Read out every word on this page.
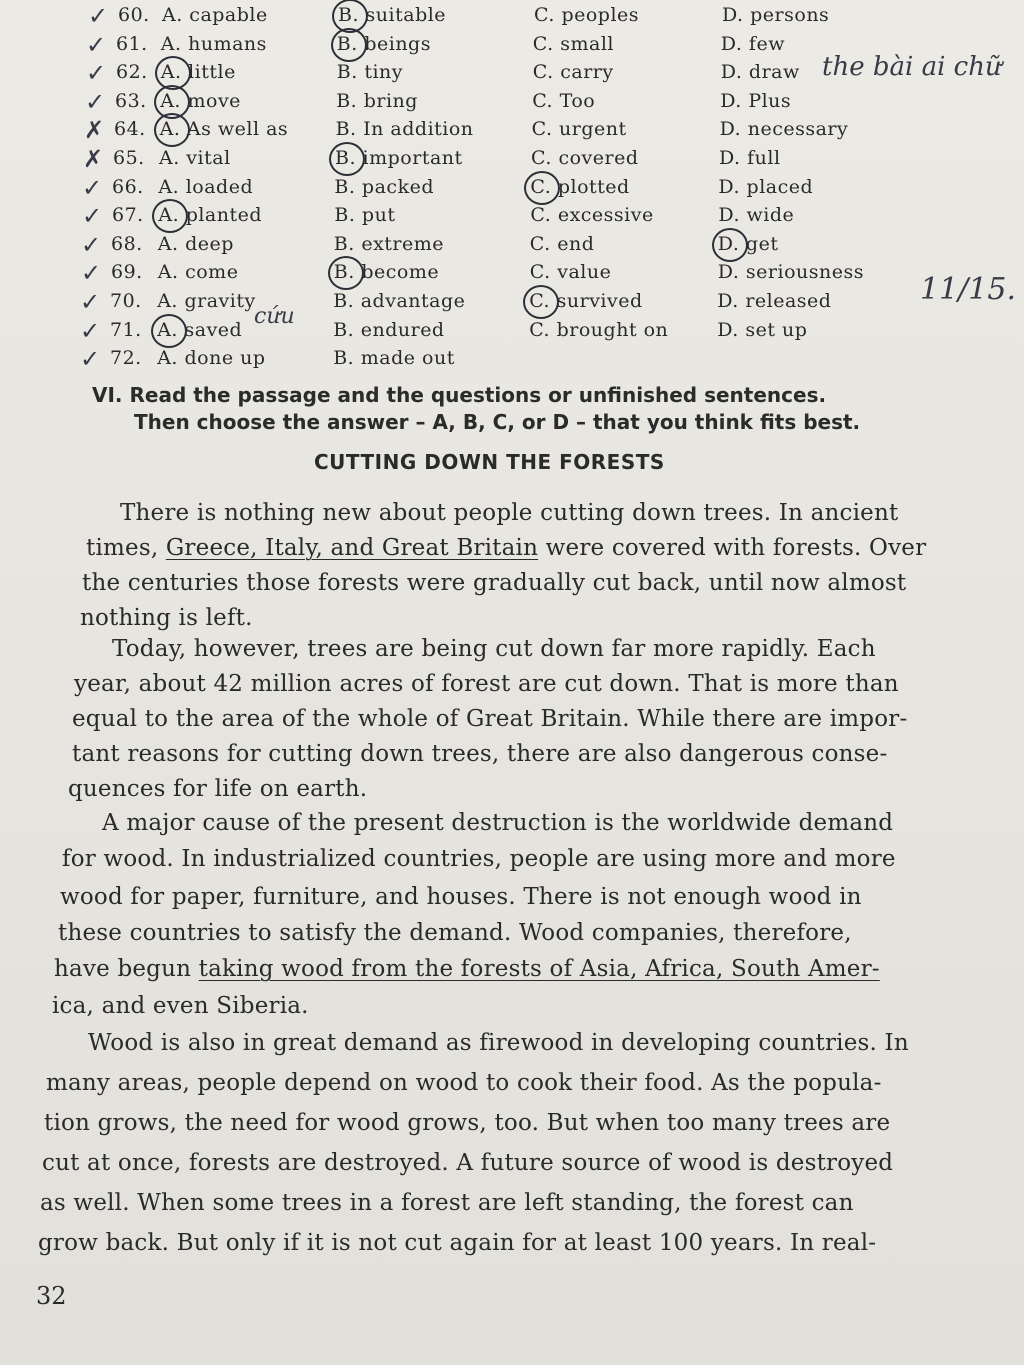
✓ 60. A. capable	B. suitable	C. peoples	D. persons
✓ 61. A. humans	B. beings	C. small	D. few
✓ 62. A. little	B. tiny	C. carry	D. draw
✓ 63. A. move	B. bring	C. Too	D. Plus
✗ 64. A. As well as B. In addition	C. urgent	D. necessary
✗ 65. A. vital	B. important	C. covered	D. full
✓ 66. A. loaded	B. packed	C. plotted	D. placed
✓ 67. A. planted	B. put	C. excessive	D. wide
✓ 68. A. deep	B. extreme	C. end	D. get
✓ 69. A. come	B. become	C. value	D. seriousness
✓ 70. A. gravity	B. advantage	C. survived	D. released
✓ 71. A. saved	B. endured	C. brought on	D. set up
✓ 72. A. done up	B. made out
the bài ai chữ
cứu
11/15.
VI. Read the passage and the questions or unfinished sentences.
Then choose the answer – A, B, C, or D – that you think fits best.
CUTTING DOWN THE FORESTS
There is nothing new about people cutting down trees. In ancient
times, Greece, Italy, and Great Britain were covered with forests. Over
the centuries those forests were gradually cut back, until now almost
nothing is left.
Today, however, trees are being cut down far more rapidly. Each
year, about 42 million acres of forest are cut down. That is more than
equal to the area of the whole of Great Britain. While there are impor-
tant reasons for cutting down trees, there are also dangerous conse-
quences for life on earth.
A major cause of the present destruction is the worldwide demand
for wood. In industrialized countries, people are using more and more
wood for paper, furniture, and houses. There is not enough wood in
these countries to satisfy the demand. Wood companies, therefore,
have begun taking wood from the forests of Asia, Africa, South Amer-
ica, and even Siberia.
Wood is also in great demand as firewood in developing countries. In
many areas, people depend on wood to cook their food. As the popula-
tion grows, the need for wood grows, too. But when too many trees are
cut at once, forests are destroyed. A future source of wood is destroyed
as well. When some trees in a forest are left standing, the forest can
grow back. But only if it is not cut again for at least 100 years. In real-
32
